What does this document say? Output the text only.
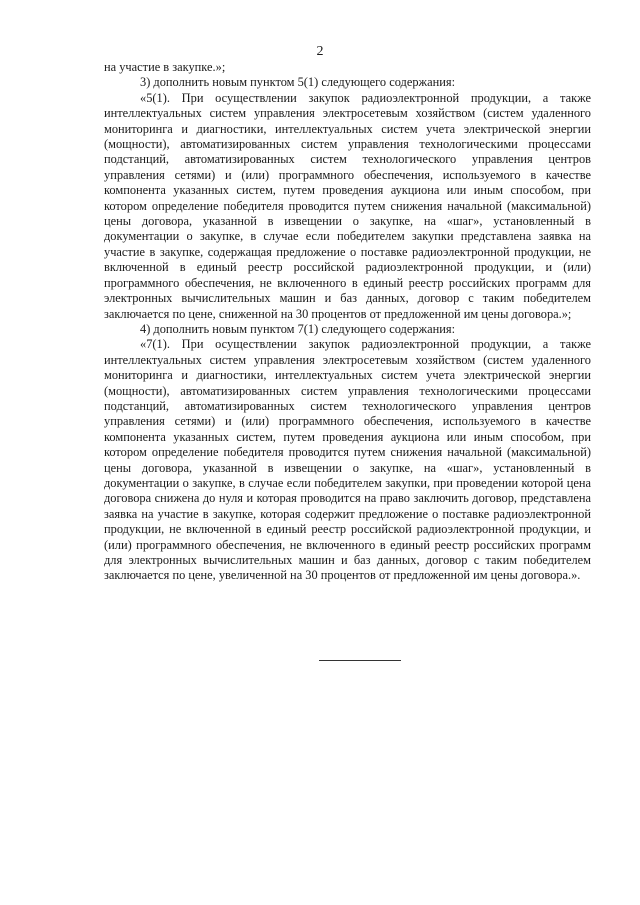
2

на участие в закупке.»;

3) дополнить новым пунктом 5(1) следующего содержания:

«5(1). При осуществлении закупок радиоэлектронной продукции, а также интеллектуальных систем управления электросетевым хозяйством (систем удаленного мониторинга и диагностики, интеллектуальных систем учета электрической энергии (мощности), автоматизированных систем управления технологическими процессами подстанций, автоматизированных систем технологического управления центров управления сетями) и (или) программного обеспечения, используемого в качестве компонента указанных систем, путем проведения аукциона или иным способом, при котором определение победителя проводится путем снижения начальной (максимальной) цены договора, указанной в извещении о закупке, на «шаг», установленный в документации о закупке, в случае если победителем закупки представлена заявка на участие в закупке, содержащая предложение о поставке радиоэлектронной продукции, не включенной в единый реестр российской радиоэлектронной продукции, и (или) программного обеспечения, не включенного в единый реестр российских программ для электронных вычислительных машин и баз данных, договор с таким победителем заключается по цене, сниженной на 30 процентов от предложенной им цены договора.»;

4) дополнить новым пунктом 7(1) следующего содержания:

«7(1). При осуществлении закупок радиоэлектронной продукции, а также интеллектуальных систем управления электросетевым хозяйством (систем удаленного мониторинга и диагностики, интеллектуальных систем учета электрической энергии (мощности), автоматизированных систем управления технологическими процессами подстанций, автоматизированных систем технологического управления центров управления сетями) и (или) программного обеспечения, используемого в качестве компонента указанных систем, путем проведения аукциона или иным способом, при котором определение победителя проводится путем снижения начальной (максимальной) цены договора, указанной в извещении о закупке, на «шаг», установленный в документации о закупке, в случае если победителем закупки, при проведении которой цена договора снижена до нуля и которая проводится на право заключить договор, представлена заявка на участие в закупке, которая содержит предложение о поставке радиоэлектронной продукции, не включенной в единый реестр российской радиоэлектронной продукции, и (или) программного обеспечения, не включенного в единый реестр российских программ для электронных вычислительных машин и баз данных, договор с таким победителем заключается по цене, увеличенной на 30 процентов от предложенной им цены договора.».
